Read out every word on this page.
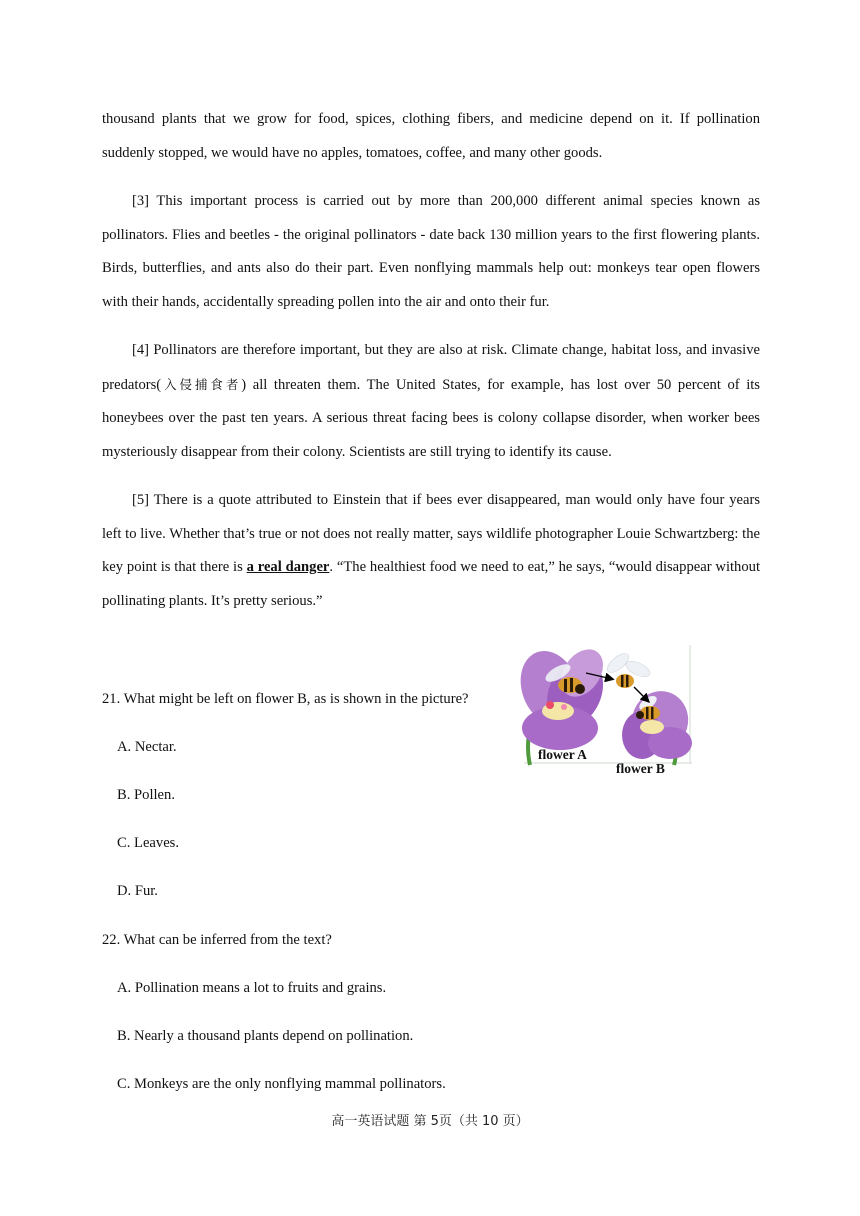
thousand plants that we grow for food, spices, clothing fibers, and medicine depend on it. If pollination suddenly stopped, we would have no apples, tomatoes, coffee, and many other goods.

[3] This important process is carried out by more than 200,000 different animal species known as pollinators. Flies and beetles - the original pollinators - date back 130 million years to the first flowering plants. Birds, butterflies, and ants also do their part. Even nonflying mammals help out: monkeys tear open flowers with their hands, accidentally spreading pollen into the air and onto their fur.

[4] Pollinators are therefore important, but they are also at risk. Climate change, habitat loss, and invasive predators(入侵捕食者) all threaten them. The United States, for example, has lost over 50 percent of its honeybees over the past ten years. A serious threat facing bees is colony collapse disorder, when worker bees mysteriously disappear from their colony. Scientists are still trying to identify its cause.

[5] There is a quote attributed to Einstein that if bees ever disappeared, man would only have four years left to live. Whether that’s true or not does not really matter, says wildlife photographer Louie Schwartzberg: the key point is that there is a real danger. “The healthiest food we need to eat,” he says, “would disappear without pollinating plants. It’s pretty serious.”

flower A
flower B

21. What might be left on flower B, as is shown in the picture?

A. Nectar.

B. Pollen.

C. Leaves.

D. Fur.

22. What can be inferred from the text?

A. Pollination means a lot to fruits and grains.

B. Nearly a thousand plants depend on pollination.

C. Monkeys are the only nonflying mammal pollinators.

高一英语试题 第 5页（共 10 页）
